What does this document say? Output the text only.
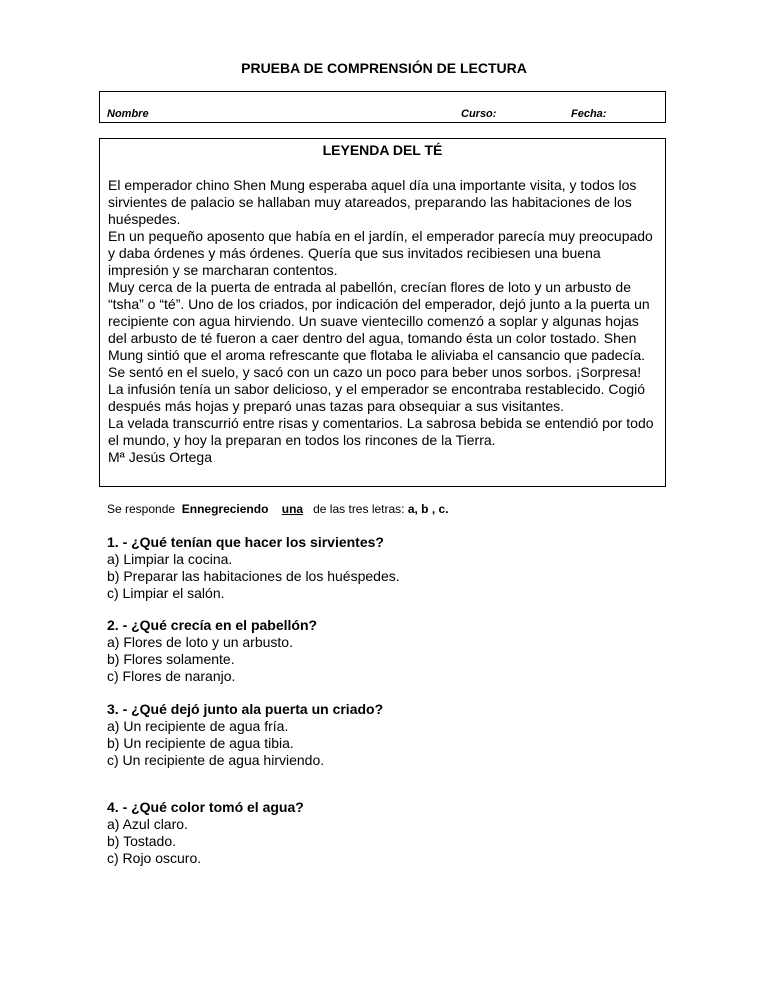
PRUEBA DE COMPRENSIÓN DE LECTURA
Nombre	Curso:	Fecha:
LEYENDA DEL TÉ

El emperador chino Shen Mung esperaba aquel día una importante visita, y todos los sirvientes de palacio se hallaban muy atareados, preparando las habitaciones de los huéspedes.

En un pequeño aposento que había en el jardín, el emperador parecía muy preocupado y daba órdenes y más órdenes. Quería que sus invitados recibiesen una buena impresión y se marcharan contentos.

Muy cerca de la puerta de entrada al pabellón, crecían flores de loto y un arbusto de “tsha” o “té”. Uno de los criados, por indicación del emperador, dejó junto a la puerta un recipiente con agua hirviendo. Un suave vientecillo comenzó a soplar y algunas hojas del arbusto de té fueron a caer dentro del agua, tomando ésta un color tostado. Shen Mung sintió que el aroma refrescante que flotaba le aliviaba el cansancio que padecía. Se sentó en el suelo, y sacó con un cazo un poco para beber unos sorbos. ¡Sorpresa! La infusión tenía un sabor delicioso, y el emperador se encontraba restablecido. Cogió después más hojas y preparó unas tazas para obsequiar a sus visitantes.

La velada transcurrió entre risas y comentarios. La sabrosa bebida se entendió por todo el mundo, y hoy la preparan en todos los rincones de la Tierra.

Mª Jesús Ortega
Se responde Ennegreciendo una de las tres letras: a, b , c.
1. - ¿Qué tenían que hacer los sirvientes?
a) Limpiar la cocina.
b) Preparar las habitaciones de los huéspedes.
c) Limpiar el salón.
2. - ¿Qué crecía en el pabellón?
a) Flores de loto y un arbusto.
b) Flores solamente.
c) Flores de naranjo.
3. - ¿Qué dejó junto ala puerta un criado?
a) Un recipiente de agua fría.
b) Un recipiente de agua tibia.
c) Un recipiente de agua hirviendo.
4. - ¿Qué color tomó el agua?
a) Azul claro.
b) Tostado.
c) Rojo oscuro.
